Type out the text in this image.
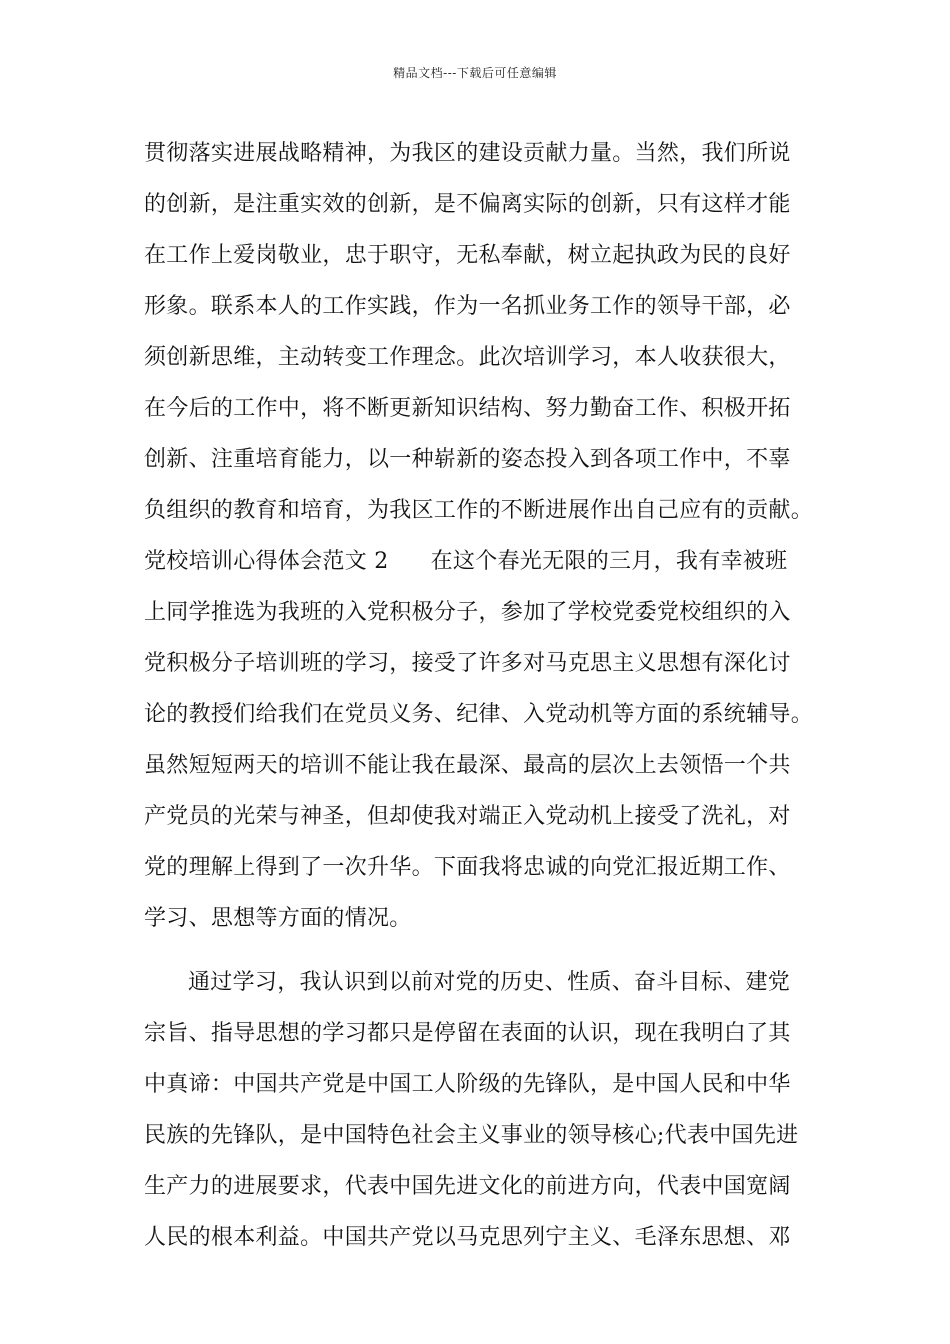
精品文档---下载后可任意编辑
贯彻落实进展战略精神，为我区的建设贡献力量。当然，我们所说
的创新，是注重实效的创新，是不偏离实际的创新，只有这样才能
在工作上爱岗敬业，忠于职守，无私奉献，树立起执政为民的良好
形象。联系本人的工作实践，作为一名抓业务工作的领导干部，必
须创新思维，主动转变工作理念。此次培训学习，本人收获很大，
在今后的工作中，将不断更新知识结构、努力勤奋工作、积极开拓
创新、注重培育能力，以一种崭新的姿态投入到各项工作中，不辜
负组织的教育和培育，为我区工作的不断进展作出自己应有的贡献。
党校培训心得体会范文 2 在这个春光无限的三月，我有幸被班
上同学推选为我班的入党积极分子，参加了学校党委党校组织的入
党积极分子培训班的学习，接受了许多对马克思主义思想有深化讨
论的教授们给我们在党员义务、纪律、入党动机等方面的系统辅导。
虽然短短两天的培训不能让我在最深、最高的层次上去领悟一个共
产党员的光荣与神圣，但却使我对端正入党动机上接受了洗礼，对
党的理解上得到了一次升华。下面我将忠诚的向党汇报近期工作、
学习、思想等方面的情况。
通过学习，我认识到以前对党的历史、性质、奋斗目标、建党
宗旨、指导思想的学习都只是停留在表面的认识，现在我明白了其
中真谛：中国共产党是中国工人阶级的先锋队，是中国人民和中华
民族的先锋队，是中国特色社会主义事业的领导核心;代表中国先进
生产力的进展要求，代表中国先进文化的前进方向，代表中国宽阔
人民的根本利益。中国共产党以马克思列宁主义、毛泽东思想、邓
